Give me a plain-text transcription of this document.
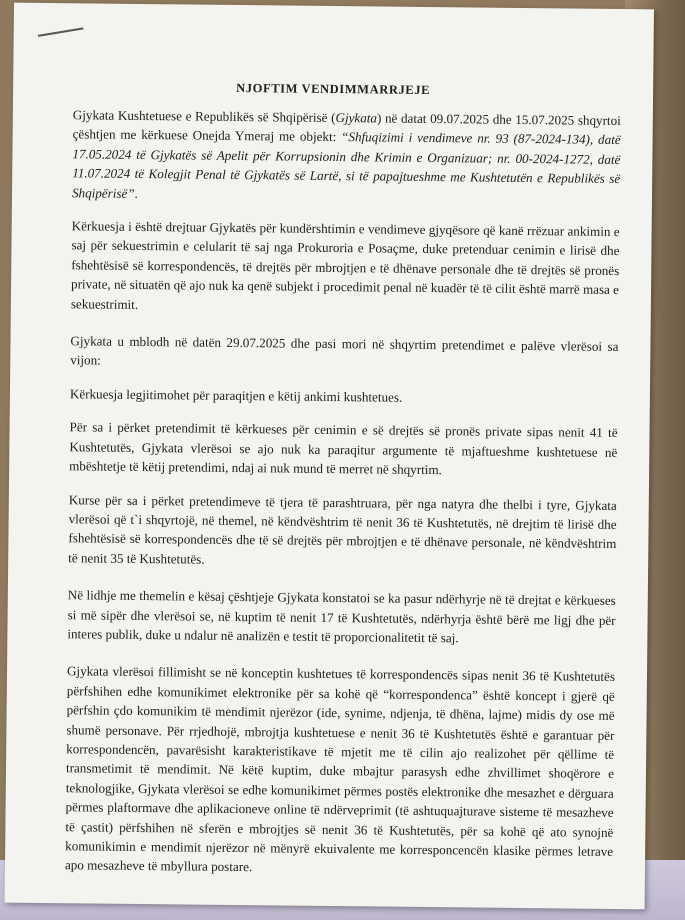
NJOFTIM VENDIMMARRJEJE

Gjykata Kushtetuese e Republikës së Shqipërisë (Gjykata) në datat 09.07.2025 dhe 15.07.2025 shqyrtoi çështjen me kërkuese Onejda Ymeraj me objekt: “Shfuqizimi i vendimeve nr. 93 (87-2024-134), datë 17.05.2024 të Gjykatës së Apelit për Korrupsionin dhe Krimin e Organizuar; nr. 00-2024-1272, datë 11.07.2024 të Kolegjit Penal të Gjykatës së Lartë, si të papajtueshme me Kushtetutën e Republikës së Shqipërisë”.

Kërkuesja i është drejtuar Gjykatës për kundërshtimin e vendimeve gjyqësore që kanë rrëzuar ankimin e saj për sekuestrimin e celularit të saj nga Prokuroria e Posaçme, duke pretenduar cenimin e lirisë dhe fshehtësisë së korrespondencës, të drejtës për mbrojtjen e të dhënave personale dhe të drejtës së pronës private, në situatën që ajo nuk ka qenë subjekt i procedimit penal në kuadër të të cilit është marrë masa e sekuestrimit.

Gjykata u mblodh në datën 29.07.2025 dhe pasi mori në shqyrtim pretendimet e palëve vlerësoi sa vijon:

Kërkuesja legjitimohet për paraqitjen e këtij ankimi kushtetues.

Për sa i përket pretendimit të kërkueses për cenimin e së drejtës së pronës private sipas nenit 41 të Kushtetutës, Gjykata vlerësoi se ajo nuk ka paraqitur argumente të mjaftueshme kushtetuese në mbështetje të këtij pretendimi, ndaj ai nuk mund të merret në shqyrtim.

Kurse për sa i përket pretendimeve të tjera të parashtruara, për nga natyra dhe thelbi i tyre, Gjykata vlerësoi që t`i shqyrtojë, në themel, në këndvështrim të nenit 36 të Kushtetutës, në drejtim të lirisë dhe fshehtësisë së korrespondencës dhe të së drejtës për mbrojtjen e të dhënave personale, në këndvështrim të nenit 35 të Kushtetutës.

Në lidhje me themelin e kësaj çështjeje Gjykata konstatoi se ka pasur ndërhyrje në të drejtat e kërkueses si më sipër dhe vlerësoi se, në kuptim të nenit 17 të Kushtetutës, ndërhyrja është bërë me ligj dhe për interes publik, duke u ndalur në analizën e testit të proporcionalitetit të saj.

Gjykata vlerësoi fillimisht se në konceptin kushtetues të korrespondencës sipas nenit 36 të Kushtetutës përfshihen edhe komunikimet elektronike për sa kohë që “korrespondenca” është koncept i gjerë që përfshin çdo komunikim të mendimit njerëzor (ide, synime, ndjenja, të dhëna, lajme) midis dy ose më shumë personave. Për rrjedhojë, mbrojtja kushtetuese e nenit 36 të Kushtetutës është e garantuar për korrespondencën, pavarësisht karakteristikave të mjetit me të cilin ajo realizohet për qëllime të transmetimit të mendimit. Në këtë kuptim, duke mbajtur parasysh edhe zhvillimet shoqërore e teknologjike, Gjykata vlerësoi se edhe komunikimet përmes postës elektronike dhe mesazhet e dërguara përmes plaftormave dhe aplikacioneve online të ndërveprimit (të ashtuquajturave sisteme të mesazheve të çastit) përfshihen në sferën e mbrojtjes së nenit 36 të Kushtetutës, për sa kohë që ato synojnë komunikimin e mendimit njerëzor në mënyrë ekuivalente me korresponcencën klasike përmes letrave apo mesazheve të mbyllura postare.
